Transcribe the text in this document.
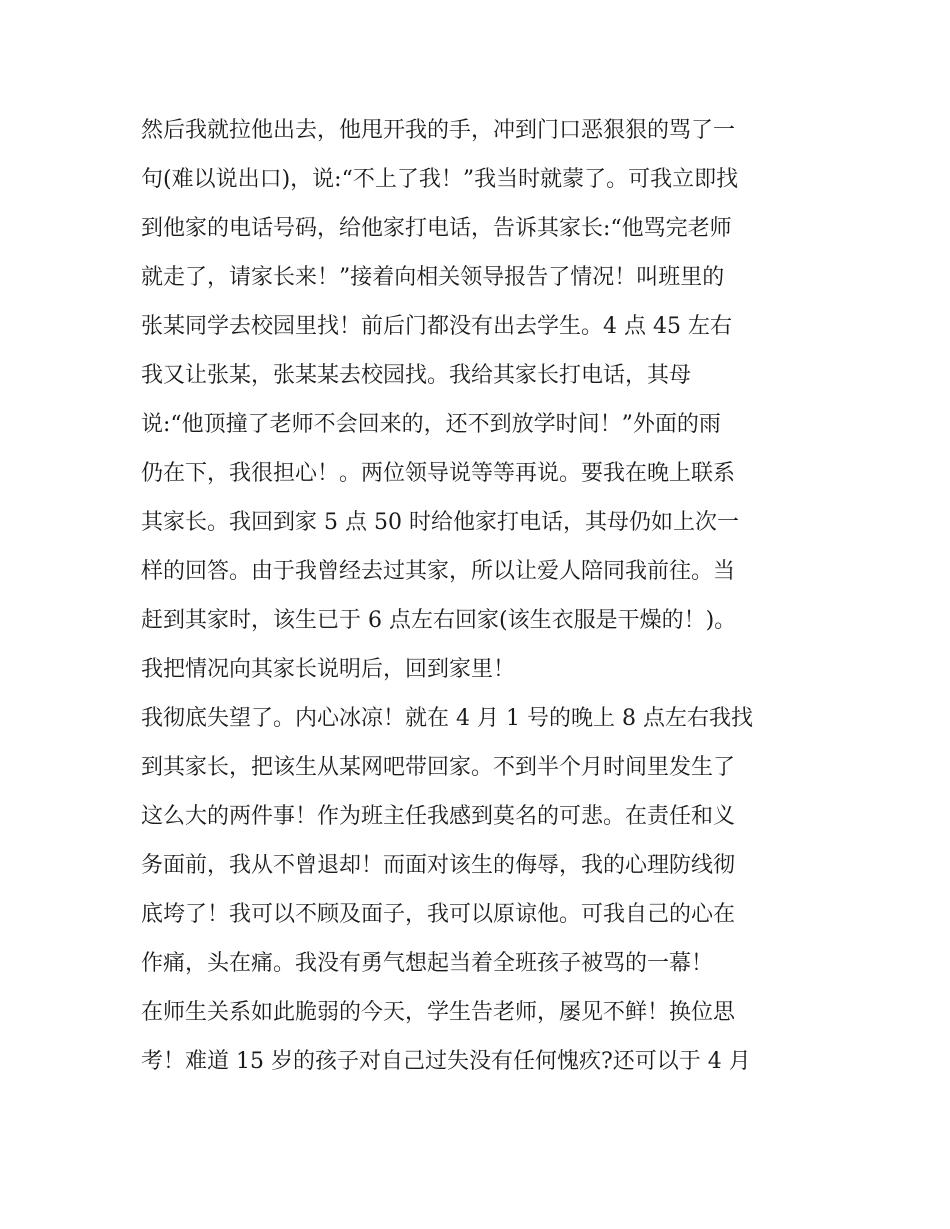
然后我就拉他出去，他甩开我的手，冲到门口恶狠狠的骂了一
句(难以说出口)，说:“不上了我！”我当时就蒙了。可我立即找
到他家的电话号码，给他家打电话，告诉其家长:“他骂完老师
就走了，请家长来！”接着向相关领导报告了情况！叫班里的
张某同学去校园里找！前后门都没有出去学生。4 点 45 左右
我又让张某，张某某去校园找。我给其家长打电话，其母
说:“他顶撞了老师不会回来的，还不到放学时间！”外面的雨
仍在下，我很担心！。两位领导说等等再说。要我在晚上联系
其家长。我回到家 5 点 50 时给他家打电话，其母仍如上次一
样的回答。由于我曾经去过其家，所以让爱人陪同我前往。当
赶到其家时，该生已于 6 点左右回家(该生衣服是干燥的！)。
我把情况向其家长说明后，回到家里！
我彻底失望了。内心冰凉！就在 4 月 1 号的晚上 8 点左右我找
到其家长，把该生从某网吧带回家。不到半个月时间里发生了
这么大的两件事！作为班主任我感到莫名的可悲。在责任和义
务面前，我从不曾退却！而面对该生的侮辱，我的心理防线彻
底垮了！我可以不顾及面子，我可以原谅他。可我自己的心在
作痛，头在痛。我没有勇气想起当着全班孩子被骂的一幕！
在师生关系如此脆弱的今天，学生告老师，屡见不鲜！换位思
考！难道 15 岁的孩子对自己过失没有任何愧疚?还可以于 4 月
